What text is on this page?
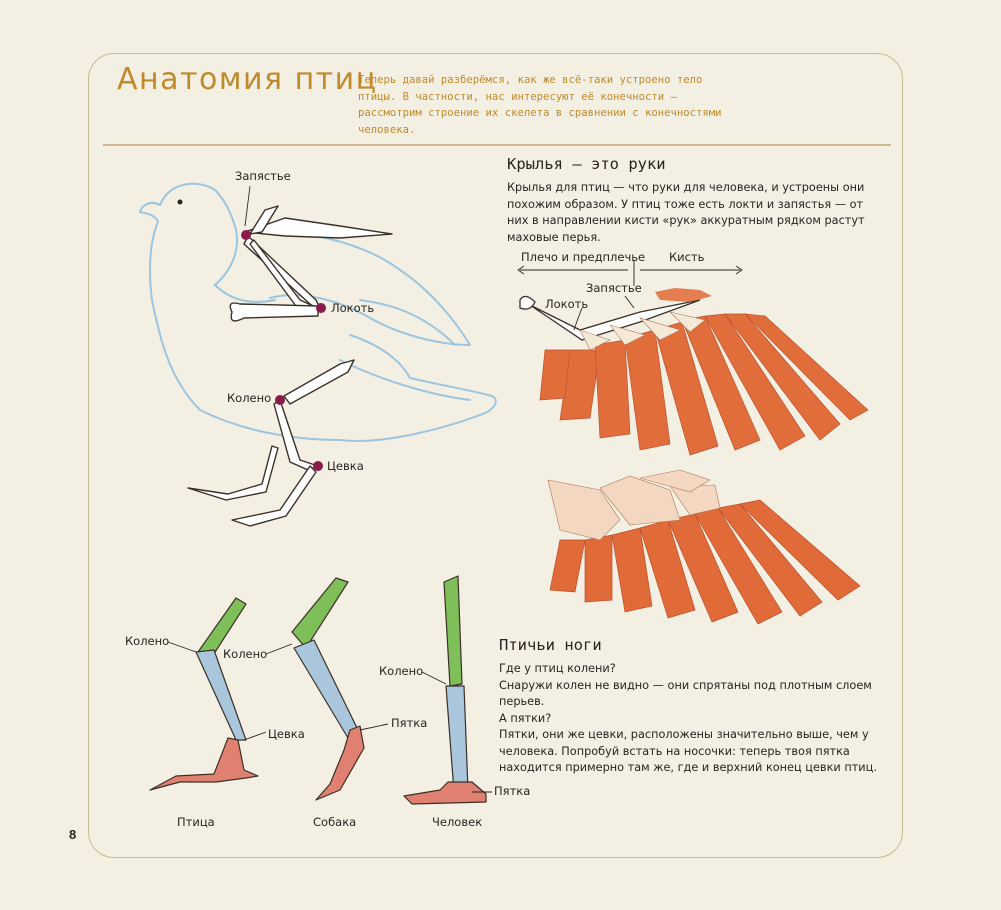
Анатомия птиц
Теперь давай разберёмся, как же всё-таки устроено тело
птицы. В частности, нас интересуют её конечности —
рассмотрим строение их скелета в сравнении с конечностями
человека.
Запястье
Локоть
Колено
Цевка
Крылья — это руки
Крылья для птиц — что руки для человека, и устроены они
похожим образом. У птиц тоже есть локти и запястья — от
них в направлении кисти «рук» аккуратным рядком растут
маховые перья.
Плечо и предплечье Кисть
Запястье
Локоть
Птичьи ноги
Где у птиц колени?
Снаружи колен не видно — они спрятаны под плотным слоем
перьев.
А пятки?
Пятки, они же цевки, расположены значительно выше, чем у
человека. Попробуй встать на носочки: теперь твоя пятка
находится примерно там же, где и верхний конец цевки птиц.
Колено
Цевка
Птица
Колено
Пятка
Собака
Колено
Пятка
Человек
8
